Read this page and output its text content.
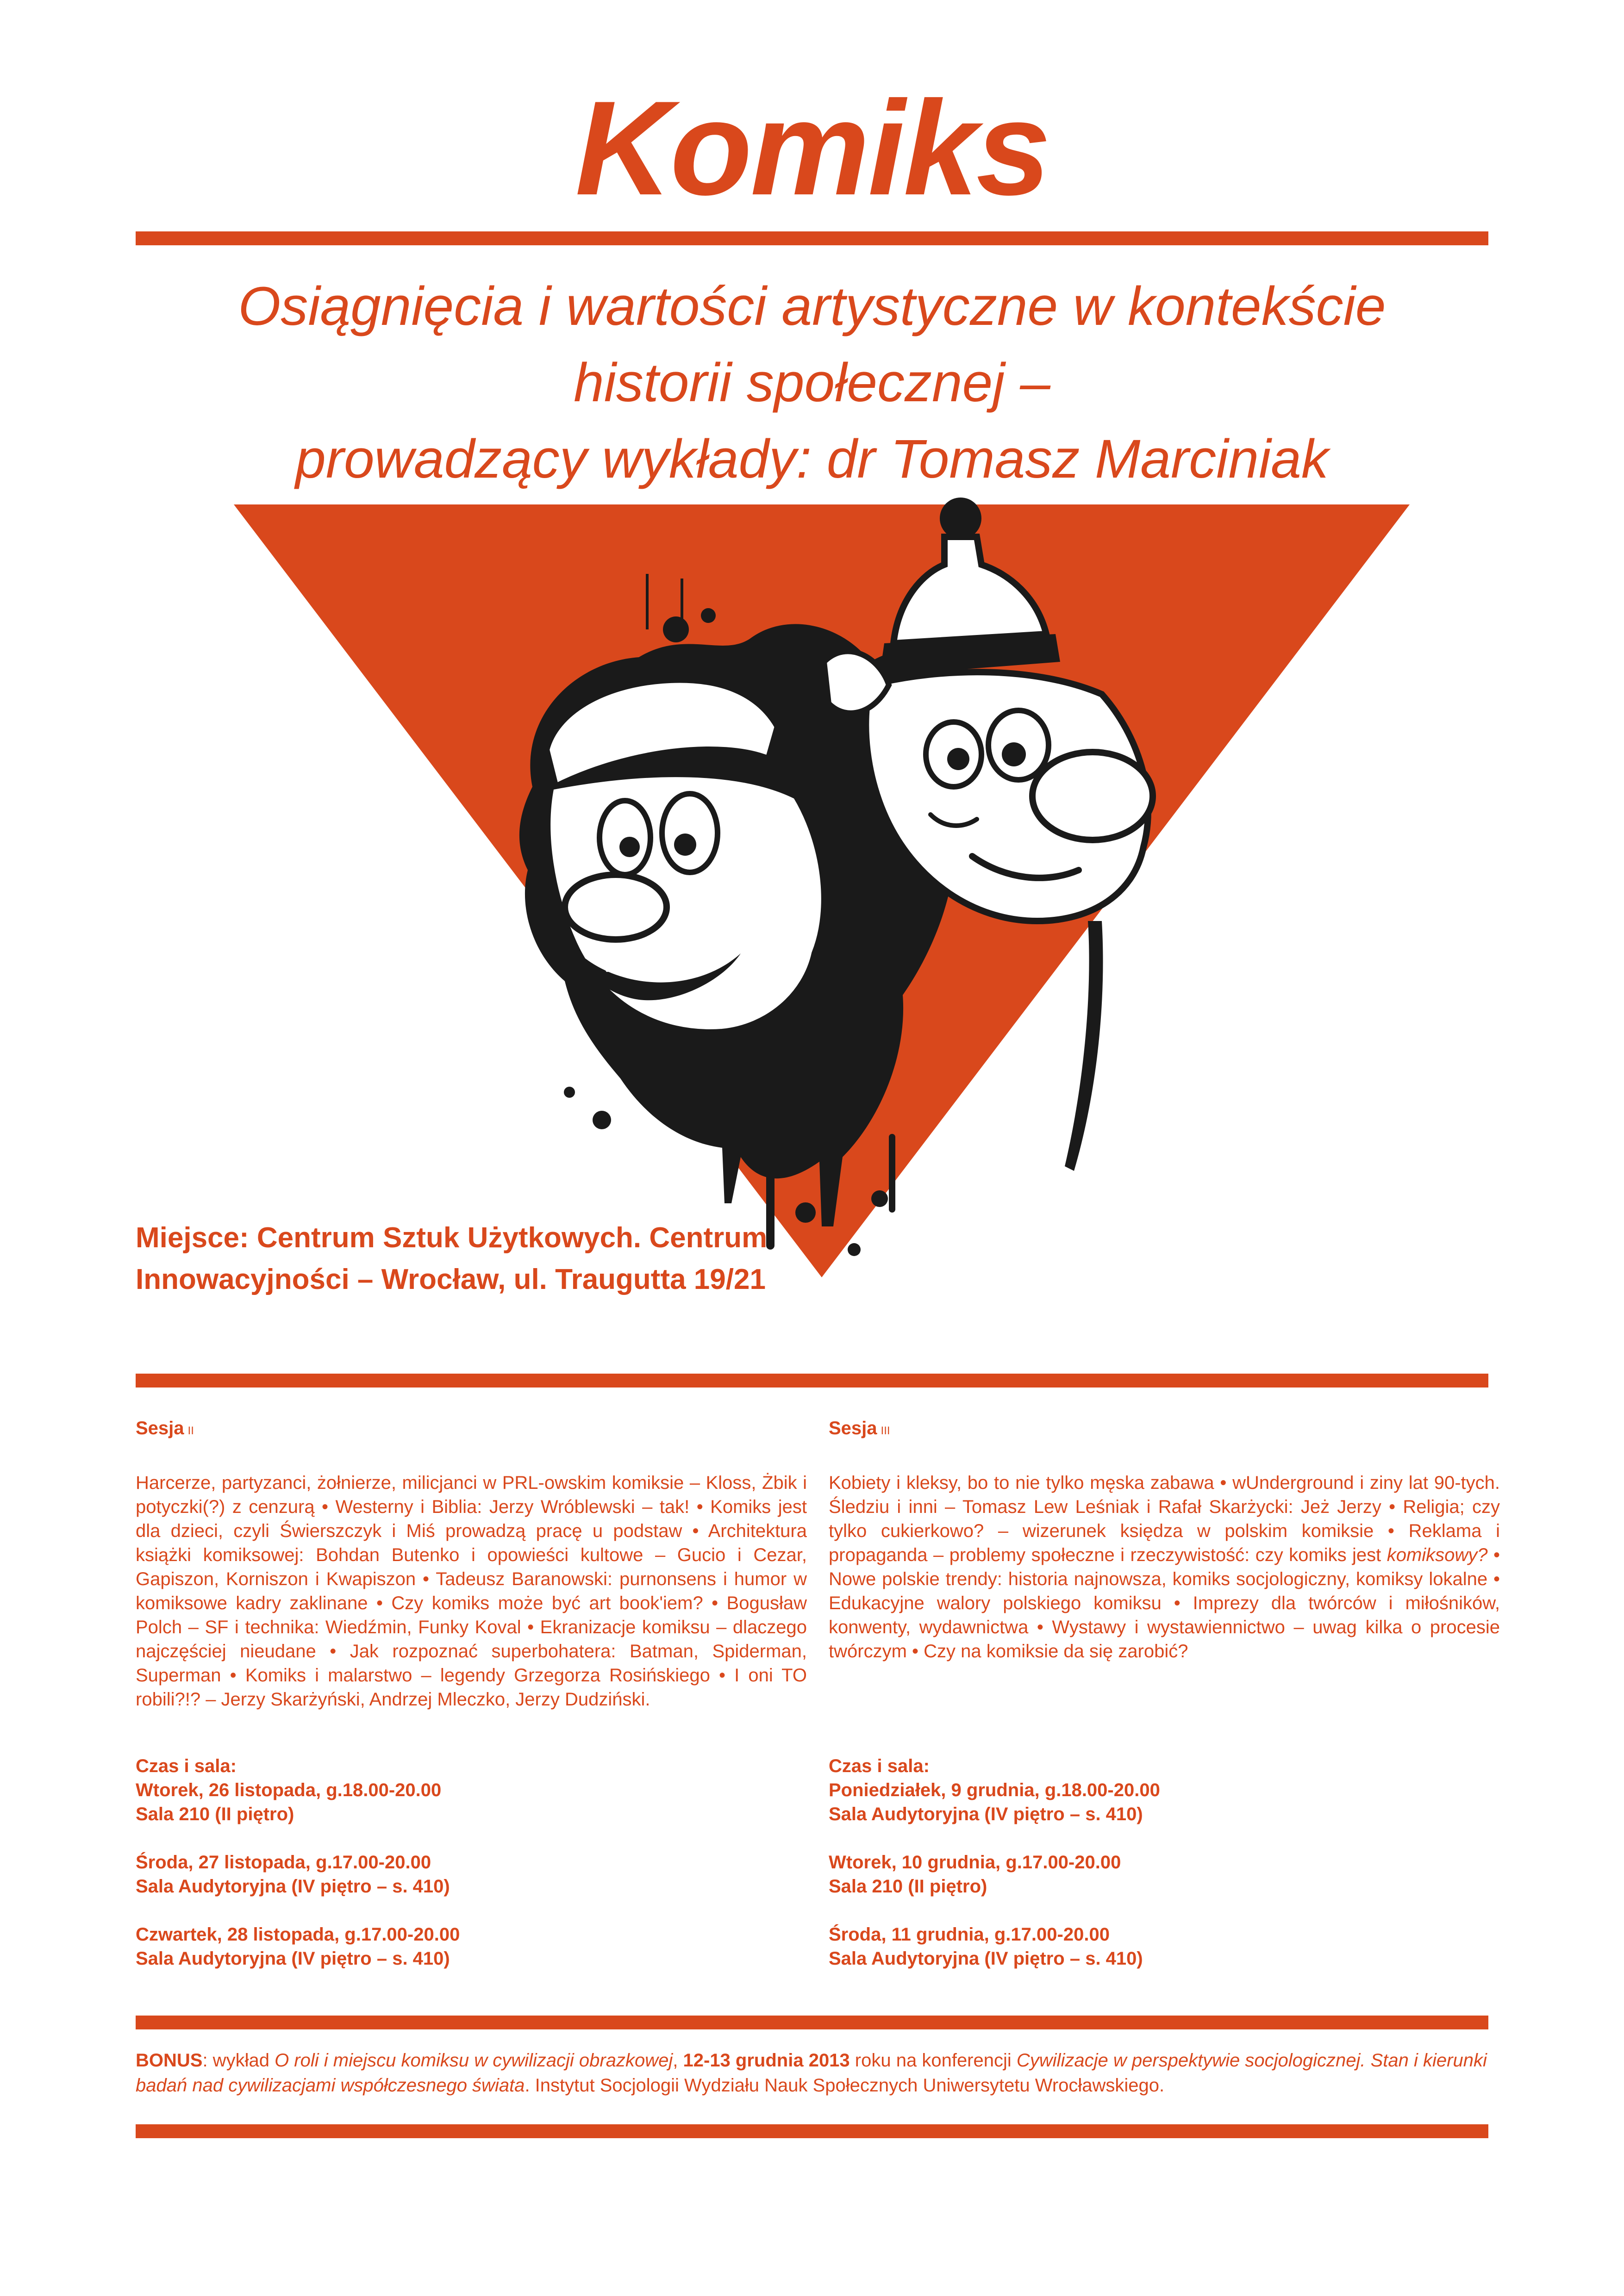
Komiks
Osiągnięcia i wartości artystyczne w kontekście
historii społecznej –
prowadzący wykłady: dr Tomasz Marciniak
Miejsce: Centrum Sztuk Użytkowych. Centrum
Innowacyjności – Wrocław, ul. Traugutta 19/21
Sesja II
Harcerze, partyzanci, żołnierze, milicjanci w PRL-owskim komiksie – Kloss, Żbik i potyczki(?) z cenzurą • Westerny i Biblia: Jerzy Wróblewski – tak! • Komiks jest dla dzieci, czyli Świerszczyk i Miś prowadzą pracę u podstaw • Architektura książki komiksowej: Bohdan Butenko i opowieści kultowe – Gucio i Cezar, Gapiszon, Korniszon i Kwapiszon • Tadeusz Baranowski: purnonsens i humor w komiksowe kadry zaklinane • Czy komiks może być art book'iem? • Bogusław Polch – SF i technika: Wiedźmin, Funky Koval • Ekranizacje komiksu – dlaczego najczęściej nieudane • Jak rozpoznać superbohatera: Batman, Spiderman, Superman • Komiks i malarstwo – legendy Grzegorza Rosińskiego • I oni TO robili?!? – Jerzy Skarżyński, Andrzej Mleczko, Jerzy Dudziński.
Czas i sala:
Wtorek, 26 listopada, g.18.00-20.00
Sala 210 (II piętro)
Środa, 27 listopada, g.17.00-20.00
Sala Audytoryjna (IV piętro – s. 410)
Czwartek, 28 listopada, g.17.00-20.00
Sala Audytoryjna (IV piętro – s. 410)
Sesja III
Kobiety i kleksy, bo to nie tylko męska zabawa • wUnderground i ziny lat 90-tych. Śledziu i inni – Tomasz Lew Leśniak i Rafał Skarżycki: Jeż Jerzy • Religia; czy tylko cukierkowo? – wizerunek księdza w polskim komiksie • Reklama i propaganda – problemy społeczne i rzeczywistość: czy komiks jest komiksowy? • Nowe polskie trendy: historia najnowsza, komiks socjologiczny, komiksy lokalne • Edukacyjne walory polskiego komiksu • Imprezy dla twórców i miłośników, konwenty, wydawnictwa • Wystawy i wystawiennictwo – uwag kilka o procesie twórczym • Czy na komiksie da się zarobić?
Czas i sala:
Poniedziałek, 9 grudnia, g.18.00-20.00
Sala Audytoryjna (IV piętro – s. 410)
Wtorek, 10 grudnia, g.17.00-20.00
Sala 210 (II piętro)
Środa, 11 grudnia, g.17.00-20.00
Sala Audytoryjna (IV piętro – s. 410)
BONUS: wykład O roli i miejscu komiksu w cywilizacji obrazkowej, 12-13 grudnia 2013 roku na konferencji Cywilizacje w perspektywie socjologicznej. Stan i kierunki badań nad cywilizacjami współczesnego świata. Instytut Socjologii Wydziału Nauk Społecznych Uniwersytetu Wrocławskiego.
